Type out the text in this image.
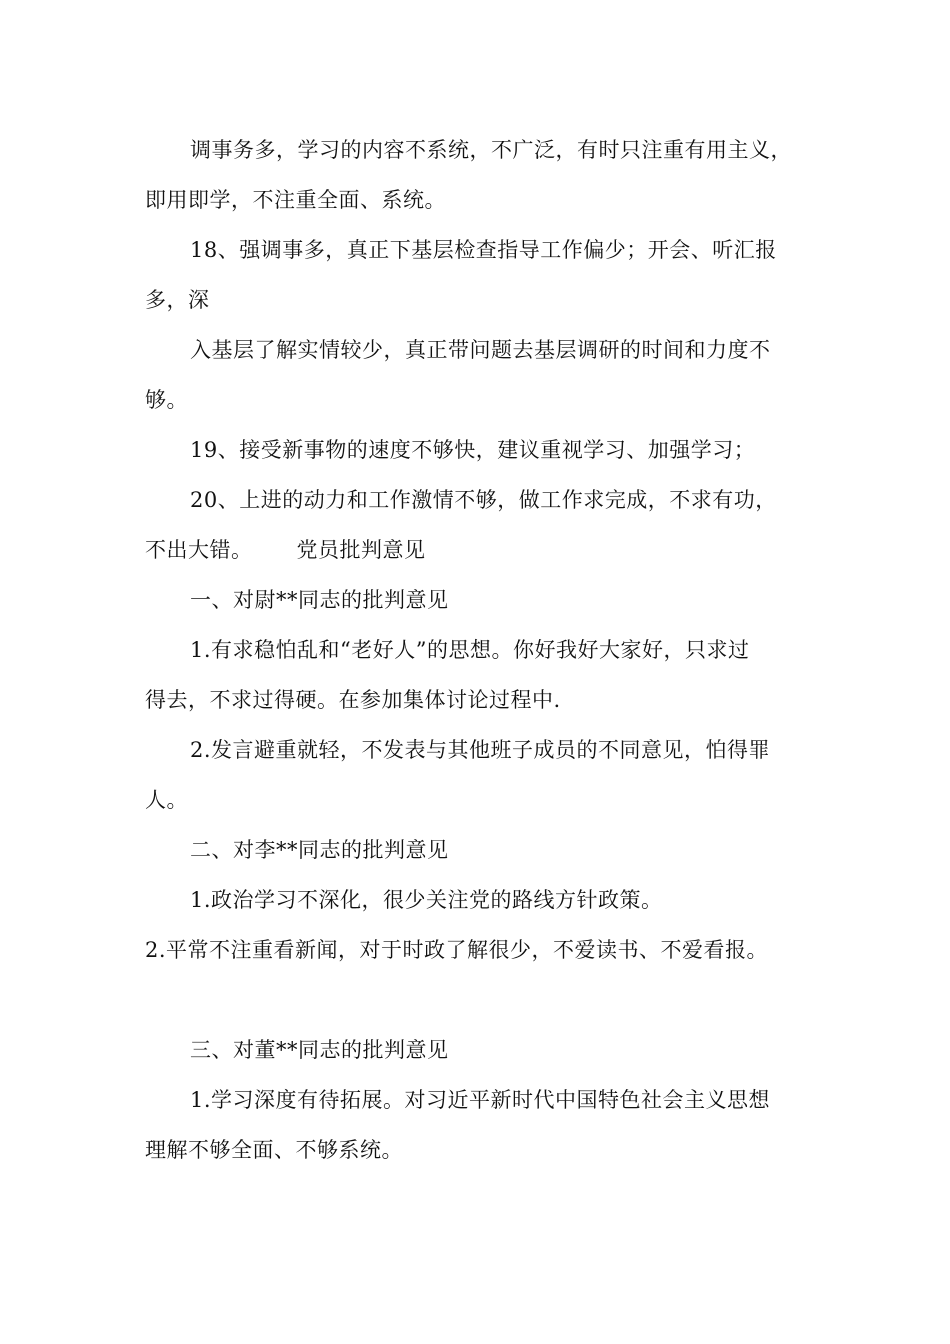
调事务多，学习的内容不系统，不广泛，有时只注重有用主义，
即用即学，不注重全面、系统。
18、强调事多，真正下基层检查指导工作偏少；开会、听汇报
多，深
入基层了解实情较少，真正带问题去基层调研的时间和力度不
够。
19、接受新事物的速度不够快，建议重视学习、加强学习；
20、上进的动力和工作激情不够，做工作求完成，不求有功，
不出大错。 党员批判意见
一、对尉**同志的批判意见
1.有求稳怕乱和“老好人”的思想。你好我好大家好，只求过
得去，不求过得硬。在参加集体讨论过程中.
2.发言避重就轻，不发表与其他班子成员的不同意见，怕得罪
人。
二、对李**同志的批判意见
1.政治学习不深化，很少关注党的路线方针政策。
2.平常不注重看新闻，对于时政了解很少，不爱读书、不爱看报。
三、对董**同志的批判意见
1.学习深度有待拓展。对习近平新时代中国特色社会主义思想
理解不够全面、不够系统。
